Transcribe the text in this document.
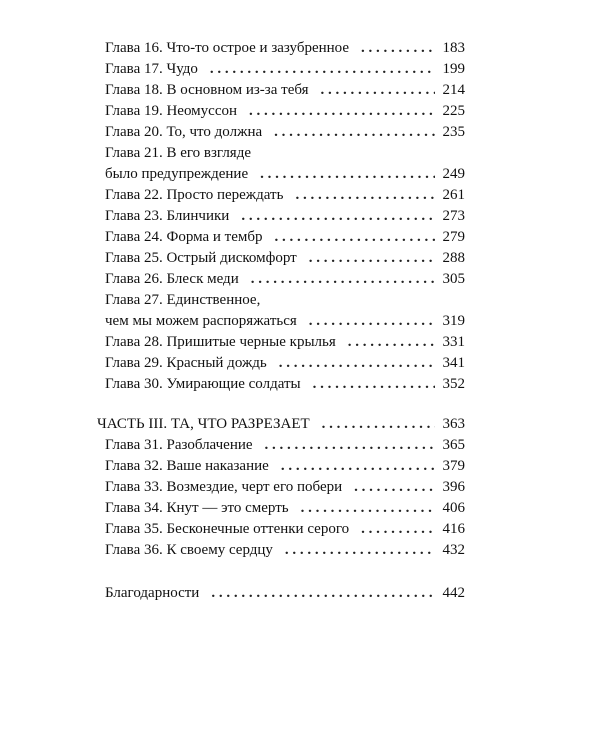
Глава 16. Что-то острое и зазубренное . . .	183
Глава 17. Чудо . . .	199
Глава 18. В основном из-за тебя . . .	214
Глава 19. Неомуссон . . .	225
Глава 20. То, что должна . . .	235
Глава 21. В его взгляде
было предупреждение . . .	249
Глава 22. Просто переждать . . .	261
Глава 23. Блинчики . . .	273
Глава 24. Форма и тембр . . .	279
Глава 25. Острый дискомфорт . . .	288
Глава 26. Блеск меди . . .	305
Глава 27. Единственное,
чем мы можем распоряжаться . . .	319
Глава 28. Пришитые черные крылья . . .	331
Глава 29. Красный дождь . . .	341
Глава 30. Умирающие солдаты . . .	352
ЧАСТЬ III. ТА, ЧТО РАЗРЕЗАЕТ . . .	363
Глава 31. Разоблачение . . .	365
Глава 32. Ваше наказание . . .	379
Глава 33. Возмездие, черт его побери . . .	396
Глава 34. Кнут — это смерть . . .	406
Глава 35. Бесконечные оттенки серого . . .	416
Глава 36. К своему сердцу . . .	432
Благодарности . . .	442
